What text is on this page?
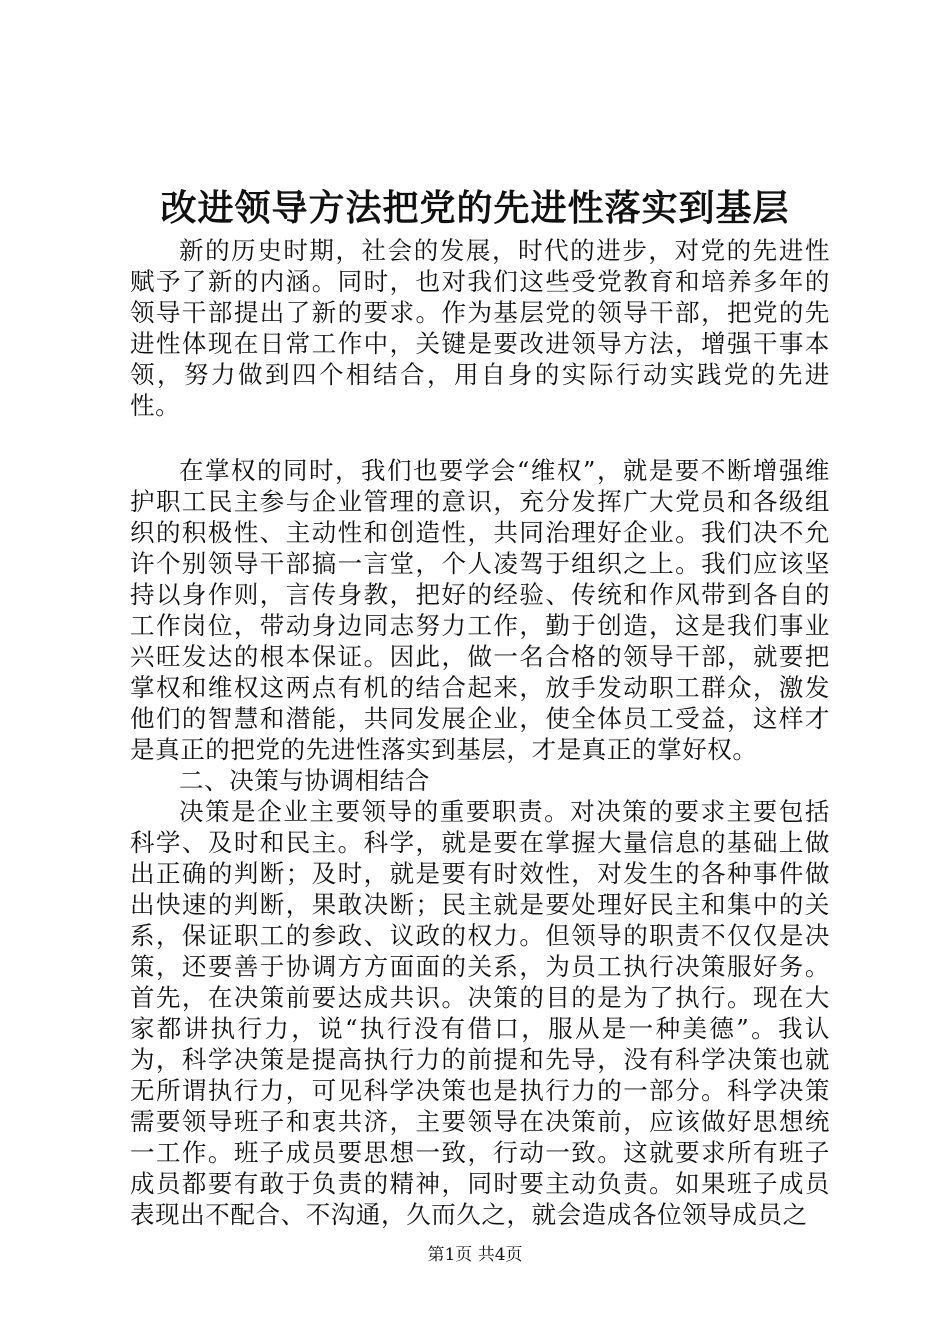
改进领导方法把党的先进性落实到基层

新的历史时期，社会的发展，时代的进步，对党的先进性赋予了新的内涵。同时，也对我们这些受党教育和培养多年的领导干部提出了新的要求。作为基层党的领导干部，把党的先进性体现在日常工作中，关键是要改进领导方法，增强干事本领，努力做到四个相结合，用自身的实际行动实践党的先进性。

在掌权的同时，我们也要学会“维权”，就是要不断增强维护职工民主参与企业管理的意识，充分发挥广大党员和各级组织的积极性、主动性和创造性，共同治理好企业。我们决不允许个别领导干部搞一言堂，个人凌驾于组织之上。我们应该坚持以身作则，言传身教，把好的经验、传统和作风带到各自的工作岗位，带动身边同志努力工作，勤于创造，这是我们事业兴旺发达的根本保证。因此，做一名合格的领导干部，就要把掌权和维权这两点有机的结合起来，放手发动职工群众，激发他们的智慧和潜能，共同发展企业，使全体员工受益，这样才是真正的把党的先进性落实到基层，才是真正的掌好权。

二、决策与协调相结合

决策是企业主要领导的重要职责。对决策的要求主要包括科学、及时和民主。科学，就是要在掌握大量信息的基础上做出正确的判断；及时，就是要有时效性，对发生的各种事件做出快速的判断，果敢决断；民主就是要处理好民主和集中的关系，保证职工的参政、议政的权力。但领导的职责不仅仅是决策，还要善于协调方方面面的关系，为员工执行决策服好务。首先，在决策前要达成共识。决策的目的是为了执行。现在大家都讲执行力，说“执行没有借口，服从是一种美德”。我认为，科学决策是提高执行力的前提和先导，没有科学决策也就无所谓执行力，可见科学决策也是执行力的一部分。科学决策需要领导班子和衷共济，主要领导在决策前，应该做好思想统一工作。班子成员要思想一致，行动一致。这就要求所有班子成员都要有敢于负责的精神，同时要主动负责。如果班子成员表现出不配合、不沟通，久而久之，就会造成各位领导成员之

第1页 共4页
